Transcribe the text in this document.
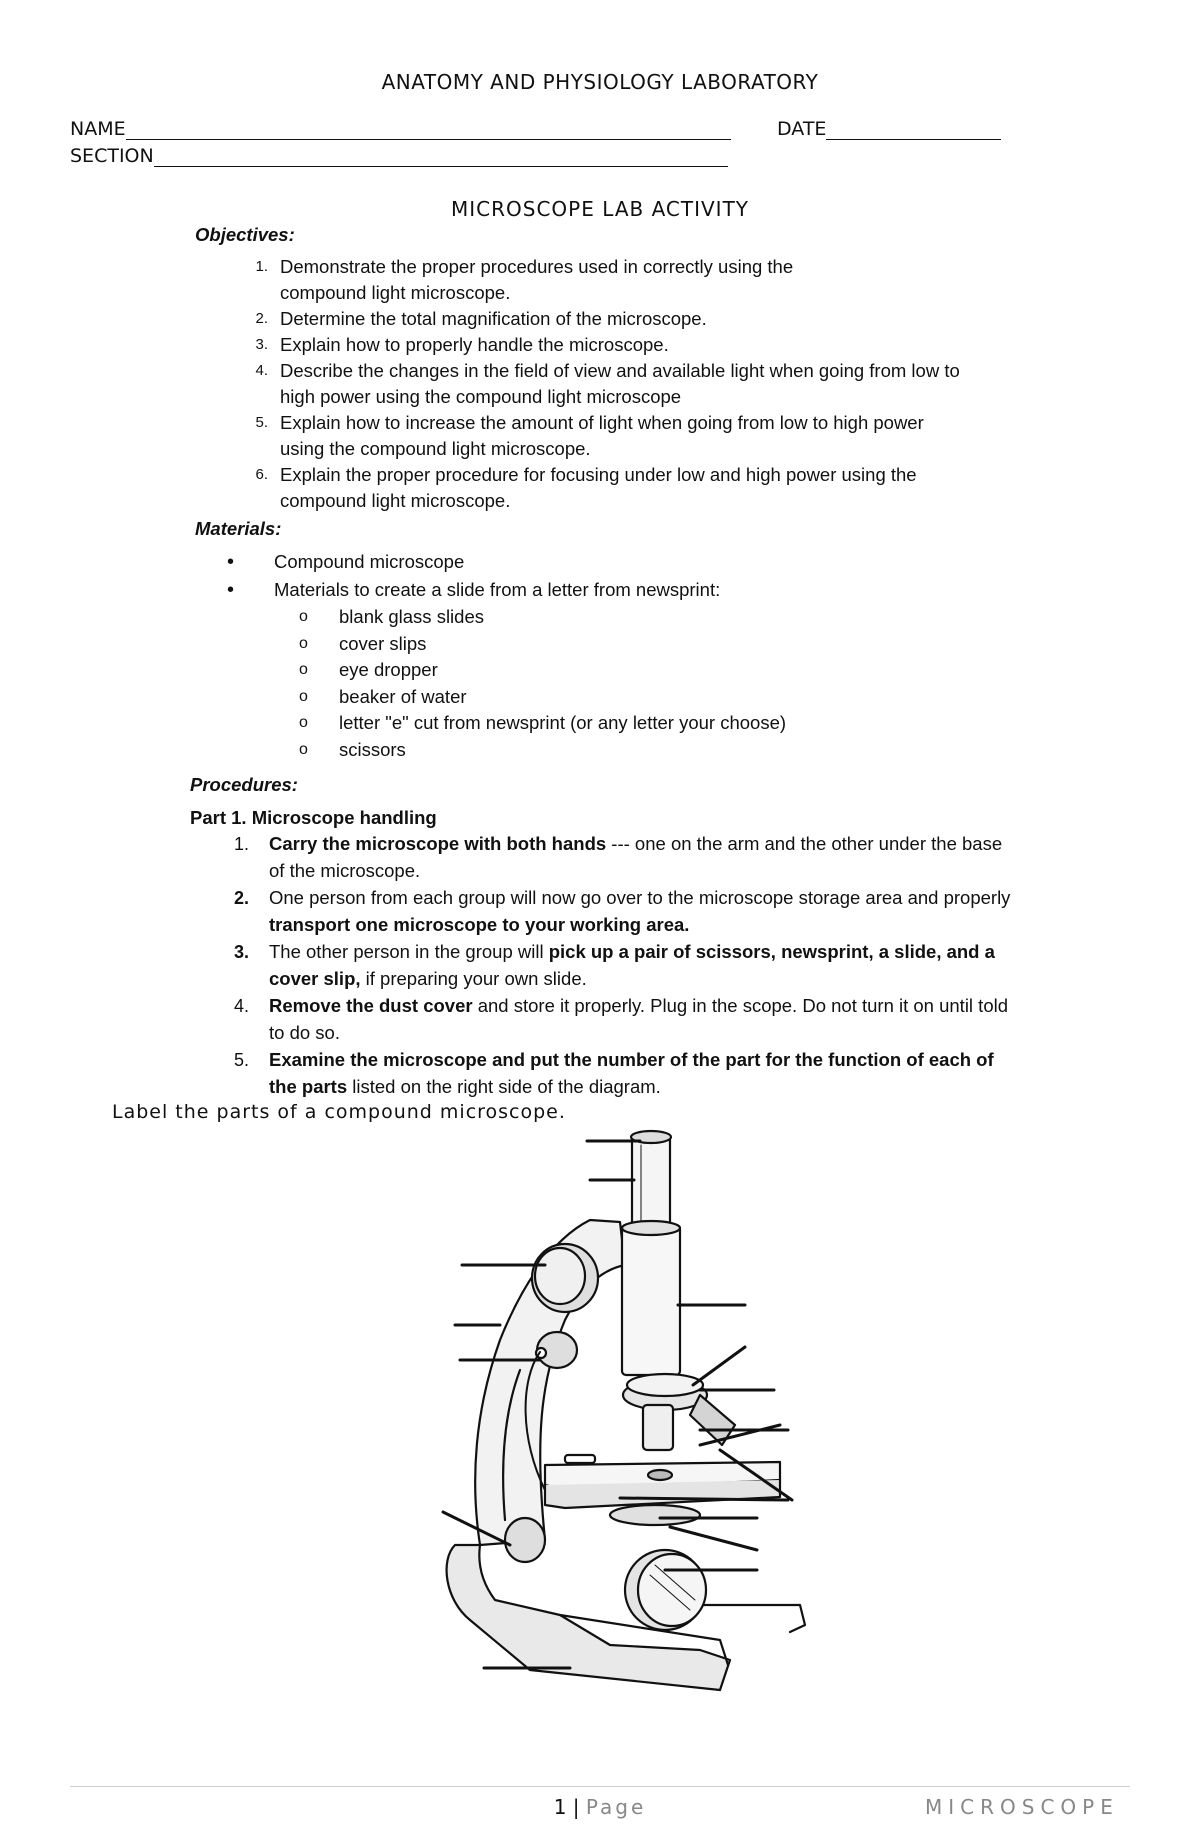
ANATOMY AND PHYSIOLOGY LABORATORY
NAME	DATE
SECTION
MICROSCOPE LAB ACTIVITY
Objectives:
1. Demonstrate the proper procedures used in correctly using the
compound light microscope.
2. Determine the total magnification of the microscope.
3. Explain how to properly handle the microscope.
4. Describe the changes in the field of view and available light when going from low to
high power using the compound light microscope
5. Explain how to increase the amount of light when going from low to high power
using the compound light microscope.
6. Explain the proper procedure for focusing under low and high power using the
compound light microscope.
Materials:
• Compound microscope
• Materials to create a slide from a letter from newsprint:
o blank glass slides
o cover slips
o eye dropper
o beaker of water
o letter "e" cut from newsprint (or any letter your choose)
o scissors
Procedures:
Part 1. Microscope handling
1. Carry the microscope with both hands --- one on the arm and the other under the base of the microscope.
2. One person from each group will now go over to the microscope storage area and properly transport one microscope to your working area.
3. The other person in the group will pick up a pair of scissors, newsprint, a slide, and a cover slip, if preparing your own slide.
4. Remove the dust cover and store it properly. Plug in the scope. Do not turn it on until told to do so.
5. Examine the microscope and put the number of the part for the function of each of the parts listed on the right side of the diagram.
Label the parts of a compound microscope.
1 | Page	MICROSCOPE
